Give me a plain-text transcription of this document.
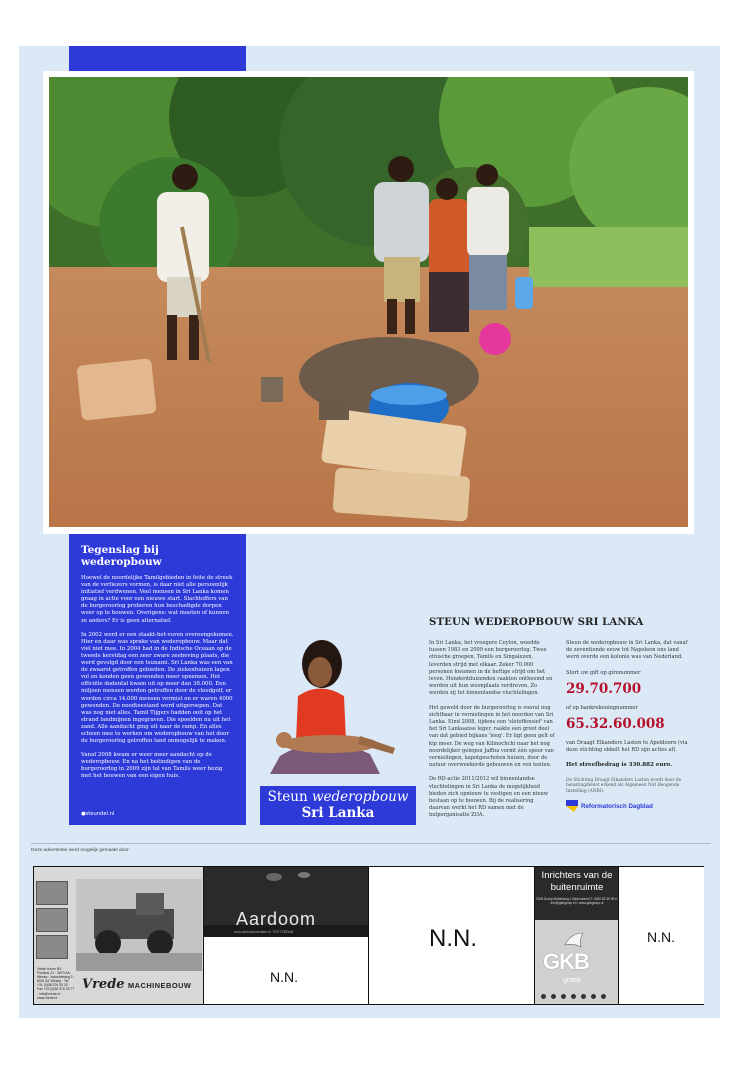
Tegenslag bij wederopbouw

Hoewel de noordelijke Tamilgebieden in feite de streek van de verliezers vormen, is daar niet alle persoonlijk initiatief verdwenen. Veel mensen in Sri Lanka komen graag in actie voor een nieuwe start. Slachtoffers van de burgeroorlog proberen hun beschadigde dorpen weer op te bouwen. Overigens: wat moeten of kunnen ze anders? Er is geen alternatief.

In 2002 werd er een staakt-het-vuren overeengekomen. Hier en daar was sprake van wederopbouw. Maar dat viel niet mee. In 2004 had in de Indische Oceaan op de tweede kerstdag een zeer zware zeebeving plaats, die werd gevolgd door een tsunami. Sri Lanka was een van de zwaarst getroffen gebieden. De ziekenhuizen lagen vol en konden geen gewonden meer opnemen. Het officiële dodental kwam uit op meer dan 38.000. Een miljoen mensen werden getroffen door de vloedgolf, er werden circa 14.000 mensen vermist en er waren 4000 gewonden. De noodtoestand werd uitgeroepen. Dat was nog niet alles. Tamil Tijgers hadden ooit op het strand landmijnen ingegraven. Die spoelden nu uit het zand. Alle aandacht ging uit naar de ramp. En alles scheen mee te werken om wederopbouw van het door de burgeroorlog getroffen land onmogelijk te maken.

Vanaf 2008 kwam er weer meer aandacht op de wederopbouw. En na het beëindigen van de burgeroorlog in 2009 zijn tal van Tamils weer bezig met het bouwen van een eigen huis.

●steundel.nl
Steun wederopbouw
Sri Lanka
STEUN WEDEROPBOUW SRI LANKA

In Sri Lanka, het vroegere Ceylon, woedde tussen 1983 en 2009 een burgeroorlog. Twee etnische groepen, Tamils en Singalezen, leverden strijd met elkaar. Zeker 70.000 personen kwamen in de heftige strijd om het leven. Honderdduizenden raakten ontheemd en werden uit hun woonplaats verdreven. Zo werden zij tot binnenlandse vluchtelingen.

Het geweld door de burgeroorlog is vooral nog zichtbaar in vernielingen in het noorden van Sri Lanka. Eind 2008, tijdens een 'slotoffensief' van het Sri Lankaanse leger, raakte een groot deel van dat gebied bijkans 'leeg'. Er ligt geen gelt of kip meer. De weg van Kilinochchi naar het nog noordelijker gelegen Jaffna vormt één spoor van vernielingen, kapotgeschoten huizen, door de natuur overwoekerde gebouwen en ven tenten.

De RD-actie 2011/2012 wil binnenlandse vluchtelingen in Sri Lanka de mogelijkheid bieden zich opnieuw te vestigen en een nieuw bestaan op te bouwen. Bij de realisering daarvan werkt het RD samen met de hulporganisatie ZOA.

Steun de wederopbouw in Sri Lanka, dat vanaf de zeventiende eeuw tot Napoleon ons land werd overde een kolonie was van Nederland.

Stort uw gift op gironummer

29.70.700

of op bankrekeningnummer

65.32.60.008

van Draagt Elkanders Lasten te Apeldoorn (via deze stichting ekkelt het RD zijn acties af).

Het streefbedrag is 330.882 euro.

De Stichting Draagt Elkanders Lasten wordt door de belastingdienst erkend als Algemeen Nut Beogende Instelling (ANBI).

Reformatorisch Dagblad
Deze advertentie werd mogelijk gemaakt door:
Vrede Hoorn BV · Postbus 21 · 3670 AA Wezep · Industrieweg 3 · 8091 AZ Wezep · Tel. +31 (0)38 376 33 33 · Fax +31 (0)38 376 33 77 · info@vrede.nl · www.vrede.nl
Vrede MACHINEBOUW
Aardoom
www.aardoomroterdam.nl · ROTTERDAM
N.N.
N.N.
Inrichters van de buitenruimte
GKB Groep Middelweg 1 Barendrecht T: 0180 62 39 39 e: info@gkbgroep.nl i: www.gkbgroep.nl
GKB
groep
N.N.
